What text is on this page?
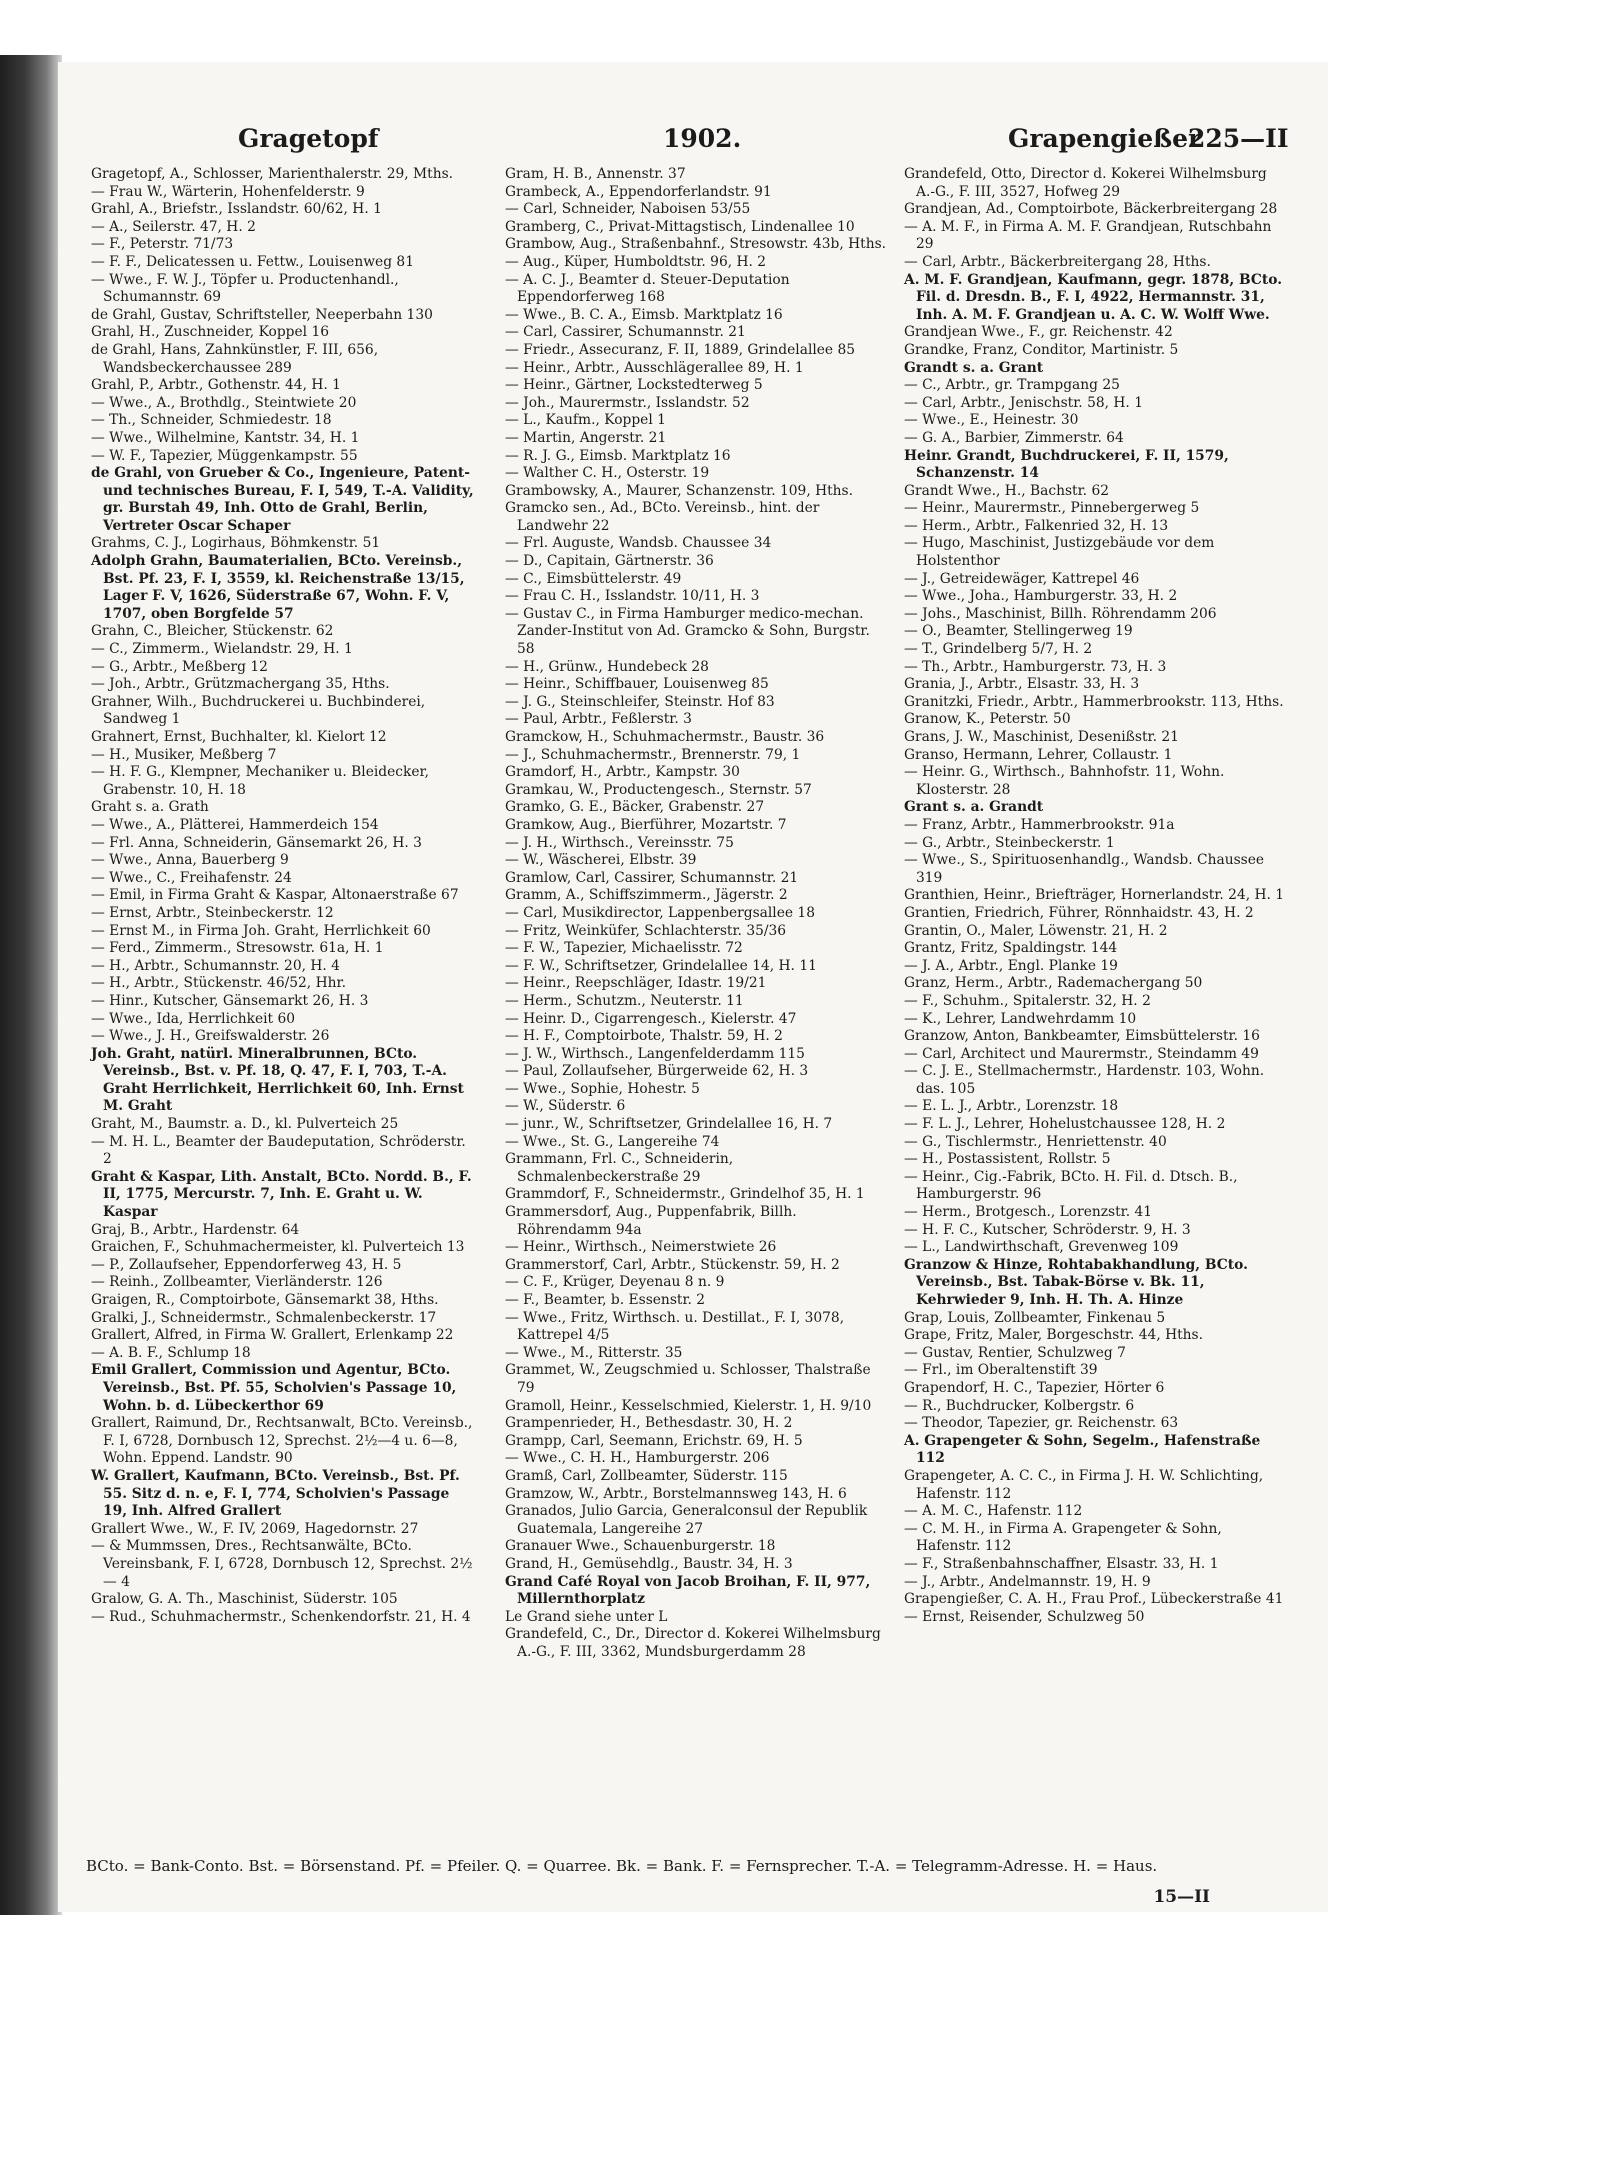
Gragetopf	1902.	Grapengießer
225—II

Gragetopf, A., Schlosser, Marienthalerstr. 29, Mths.

— Frau W., Wärterin, Hohenfelderstr. 9

Grahl, A., Briefstr., Isslandstr. 60/62, H. 1

— A., Seilerstr. 47, H. 2

— F., Peterstr. 71/73

— F. F., Delicatessen u. Fettw., Louisenweg 81

— Wwe., F. W. J., Töpfer u. Productenhandl., Schumannstr. 69

de Grahl, Gustav, Schriftsteller, Neeperbahn 130

Grahl, H., Zuschneider, Koppel 16

de Grahl, Hans, Zahnkünstler, F. III, 656, Wandsbeckerchaussee 289

Grahl, P., Arbtr., Gothenstr. 44, H. 1

— Wwe., A., Brothdlg., Steintwiete 20

— Th., Schneider, Schmiedestr. 18

— Wwe., Wilhelmine, Kantstr. 34, H. 1

— W. F., Tapezier, Müggenkampstr. 55

de Grahl, von Grueber & Co., Ingenieure, Patent- und technisches Bureau, F. I, 549, T.-A. Validity, gr. Burstah 49, Inh. Otto de Grahl, Berlin, Vertreter Oscar Schaper

Grahms, C. J., Logirhaus, Böhmkenstr. 51

Adolph Grahn, Baumaterialien, BCto. Vereinsb., Bst. Pf. 23, F. I, 3559, kl. Reichenstraße 13/15, Lager F. V, 1626, Süderstraße 67, Wohn. F. V, 1707, oben Borgfelde 57

Grahn, C., Bleicher, Stückenstr. 62

— C., Zimmerm., Wielandstr. 29, H. 1

— G., Arbtr., Meßberg 12

— Joh., Arbtr., Grützmachergang 35, Hths.

Grahner, Wilh., Buchdruckerei u. Buchbinderei, Sandweg 1

Grahnert, Ernst, Buchhalter, kl. Kielort 12

— H., Musiker, Meßberg 7

— H. F. G., Klempner, Mechaniker u. Bleidecker, Grabenstr. 10, H. 18

Graht s. a. Grath

— Wwe., A., Plätterei, Hammerdeich 154

— Frl. Anna, Schneiderin, Gänsemarkt 26, H. 3

— Wwe., Anna, Bauerberg 9

— Wwe., C., Freihafenstr. 24

— Emil, in Firma Graht & Kaspar, Altonaerstraße 67

— Ernst, Arbtr., Steinbeckerstr. 12

— Ernst M., in Firma Joh. Graht, Herrlichkeit 60

— Ferd., Zimmerm., Stresowstr. 61a, H. 1

— H., Arbtr., Schumannstr. 20, H. 4

— H., Arbtr., Stückenstr. 46/52, Hhr.

— Hinr., Kutscher, Gänsemarkt 26, H. 3

— Wwe., Ida, Herrlichkeit 60

— Wwe., J. H., Greifswalderstr. 26

Joh. Graht, natürl. Mineralbrunnen, BCto. Vereinsb., Bst. v. Pf. 18, Q. 47, F. I, 703, T.-A. Graht Herrlichkeit, Herrlichkeit 60, Inh. Ernst M. Graht

Graht, M., Baumstr. a. D., kl. Pulverteich 25

— M. H. L., Beamter der Baudeputation, Schröderstr. 2

Graht & Kaspar, Lith. Anstalt, BCto. Nordd. B., F. II, 1775, Mercurstr. 7, Inh. E. Graht u. W. Kaspar

Graj, B., Arbtr., Hardenstr. 64

Graichen, F., Schuhmachermeister, kl. Pulverteich 13

— P., Zollaufseher, Eppendorferweg 43, H. 5

— Reinh., Zollbeamter, Vierländerstr. 126

Graigen, R., Comptoirbote, Gänsemarkt 38, Hths.

Gralki, J., Schneidermstr., Schmalenbeckerstr. 17

Grallert, Alfred, in Firma W. Grallert, Erlenkamp 22

— A. B. F., Schlump 18

Emil Grallert, Commission und Agentur, BCto. Vereinsb., Bst. Pf. 55, Scholvien's Passage 10, Wohn. b. d. Lübeckerthor 69

Grallert, Raimund, Dr., Rechtsanwalt, BCto. Vereinsb., F. I, 6728, Dornbusch 12, Sprechst. 2½—4 u. 6—8, Wohn. Eppend. Landstr. 90

W. Grallert, Kaufmann, BCto. Vereinsb., Bst. Pf. 55. Sitz d. n. e, F. I, 774, Scholvien's Passage 19, Inh. Alfred Grallert

Grallert Wwe., W., F. IV, 2069, Hagedornstr. 27

— & Mummssen, Dres., Rechtsanwälte, BCto. Vereinsbank, F. I, 6728, Dornbusch 12, Sprechst. 2½ — 4

Gralow, G. A. Th., Maschinist, Süderstr. 105

— Rud., Schuhmachermstr., Schenkendorfstr. 21, H. 4

Gram, H. B., Annenstr. 37

Grambeck, A., Eppendorferlandstr. 91

— Carl, Schneider, Naboisen 53/55

Gramberg, C., Privat-Mittagstisch, Lindenallee 10

Grambow, Aug., Straßenbahnf., Stresowstr. 43b, Hths.

— Aug., Küper, Humboldtstr. 96, H. 2

— A. C. J., Beamter d. Steuer-Deputation Eppendorferweg 168

— Wwe., B. C. A., Eimsb. Marktplatz 16

— Carl, Cassirer, Schumannstr. 21

— Friedr., Assecuranz, F. II, 1889, Grindelallee 85

— Heinr., Arbtr., Ausschlägerallee 89, H. 1

— Heinr., Gärtner, Lockstedterweg 5

— Joh., Maurermstr., Isslandstr. 52

— L., Kaufm., Koppel 1

— Martin, Angerstr. 21

— R. J. G., Eimsb. Marktplatz 16

— Walther C. H., Osterstr. 19

Grambowsky, A., Maurer, Schanzenstr. 109, Hths.

Gramcko sen., Ad., BCto. Vereinsb., hint. der Landwehr 22

— Frl. Auguste, Wandsb. Chaussee 34

— D., Capitain, Gärtnerstr. 36

— C., Eimsbüttelerstr. 49

— Frau C. H., Isslandstr. 10/11, H. 3

— Gustav C., in Firma Hamburger medico-mechan. Zander-Institut von Ad. Gramcko & Sohn, Burgstr. 58

— H., Grünw., Hundebeck 28

— Heinr., Schiffbauer, Louisenweg 85

— J. G., Steinschleifer, Steinstr. Hof 83

— Paul, Arbtr., Feßlerstr. 3

Gramckow, H., Schuhmachermstr., Baustr. 36

— J., Schuhmachermstr., Brennerstr. 79, 1

Gramdorf, H., Arbtr., Kampstr. 30

Gramkau, W., Productengesch., Sternstr. 57

Gramko, G. E., Bäcker, Grabenstr. 27

Gramkow, Aug., Bierführer, Mozartstr. 7

— J. H., Wirthsch., Vereinsstr. 75

— W., Wäscherei, Elbstr. 39

Gramlow, Carl, Cassirer, Schumannstr. 21

Gramm, A., Schiffszimmerm., Jägerstr. 2

— Carl, Musikdirector, Lappenbergsallee 18

— Fritz, Weinküfer, Schlachterstr. 35/36

— F. W., Tapezier, Michaelisstr. 72

— F. W., Schriftsetzer, Grindelallee 14, H. 11

— Heinr., Reepschläger, Idastr. 19/21

— Herm., Schutzm., Neuterstr. 11

— Heinr. D., Cigarrengesch., Kielerstr. 47

— H. F., Comptoirbote, Thalstr. 59, H. 2

— J. W., Wirthsch., Langenfelderdamm 115

— Paul, Zollaufseher, Bürgerweide 62, H. 3

— Wwe., Sophie, Hohestr. 5

— W., Süderstr. 6

— junr., W., Schriftsetzer, Grindelallee 16, H. 7

— Wwe., St. G., Langereihe 74

Grammann, Frl. C., Schneiderin, Schmalenbeckerstraße 29

Grammdorf, F., Schneidermstr., Grindelhof 35, H. 1

Grammersdorf, Aug., Puppenfabrik, Billh. Röhrendamm 94a

— Heinr., Wirthsch., Neimerstwiete 26

Grammerstorf, Carl, Arbtr., Stückenstr. 59, H. 2

— C. F., Krüger, Deyenau 8 n. 9

— F., Beamter, b. Essenstr. 2

— Wwe., Fritz, Wirthsch. u. Destillat., F. I, 3078, Kattrepel 4/5

— Wwe., M., Ritterstr. 35

Grammet, W., Zeugschmied u. Schlosser, Thalstraße 79

Gramoll, Heinr., Kesselschmied, Kielerstr. 1, H. 9/10

Grampenrieder, H., Bethesdastr. 30, H. 2

Grampp, Carl, Seemann, Erichstr. 69, H. 5

— Wwe., C. H. H., Hamburgerstr. 206

Gramß, Carl, Zollbeamter, Süderstr. 115

Gramzow, W., Arbtr., Borstelmannsweg 143, H. 6

Granados, Julio Garcia, Generalconsul der Republik Guatemala, Langereihe 27

Granauer Wwe., Schauenburgerstr. 18

Grand, H., Gemüsehdlg., Baustr. 34, H. 3

Grand Café Royal von Jacob Broihan, F. II, 977, Millernthorplatz

Le Grand siehe unter L

Grandefeld, C., Dr., Director d. Kokerei Wilhelmsburg A.-G., F. III, 3362, Mundsburgerdamm 28

Grandefeld, Otto, Director d. Kokerei Wilhelmsburg A.-G., F. III, 3527, Hofweg 29

Grandjean, Ad., Comptoirbote, Bäckerbreitergang 28

— A. M. F., in Firma A. M. F. Grandjean, Rutschbahn 29

— Carl, Arbtr., Bäckerbreitergang 28, Hths.

A. M. F. Grandjean, Kaufmann, gegr. 1878, BCto. Fil. d. Dresdn. B., F. I, 4922, Hermannstr. 31, Inh. A. M. F. Grandjean u. A. C. W. Wolff Wwe.

Grandjean Wwe., F., gr. Reichenstr. 42

Grandke, Franz, Conditor, Martinistr. 5

Grandt s. a. Grant

— C., Arbtr., gr. Trampgang 25

— Carl, Arbtr., Jenischstr. 58, H. 1

— Wwe., E., Heinestr. 30

— G. A., Barbier, Zimmerstr. 64

Heinr. Grandt, Buchdruckerei, F. II, 1579, Schanzenstr. 14

Grandt Wwe., H., Bachstr. 62

— Heinr., Maurermstr., Pinnebergerweg 5

— Herm., Arbtr., Falkenried 32, H. 13

— Hugo, Maschinist, Justizgebäude vor dem Holstenthor

— J., Getreidewäger, Kattrepel 46

— Wwe., Joha., Hamburgerstr. 33, H. 2

— Johs., Maschinist, Billh. Röhrendamm 206

— O., Beamter, Stellingerweg 19

— T., Grindelberg 5/7, H. 2

— Th., Arbtr., Hamburgerstr. 73, H. 3

Grania, J., Arbtr., Elsastr. 33, H. 3

Granitzki, Friedr., Arbtr., Hammerbrookstr. 113, Hths.

Granow, K., Peterstr. 50

Grans, J. W., Maschinist, Desenißstr. 21

Granso, Hermann, Lehrer, Collaustr. 1

— Heinr. G., Wirthsch., Bahnhofstr. 11, Wohn. Klosterstr. 28

Grant s. a. Grandt

— Franz, Arbtr., Hammerbrookstr. 91a

— G., Arbtr., Steinbeckerstr. 1

— Wwe., S., Spirituosenhandlg., Wandsb. Chaussee 319

Granthien, Heinr., Briefträger, Hornerlandstr. 24, H. 1

Grantien, Friedrich, Führer, Rönnhaidstr. 43, H. 2

Grantin, O., Maler, Löwenstr. 21, H. 2

Grantz, Fritz, Spaldingstr. 144

— J. A., Arbtr., Engl. Planke 19

Granz, Herm., Arbtr., Rademachergang 50

— F., Schuhm., Spitalerstr. 32, H. 2

— K., Lehrer, Landwehrdamm 10

Granzow, Anton, Bankbeamter, Eimsbüttelerstr. 16

— Carl, Architect und Maurermstr., Steindamm 49

— C. J. E., Stellmachermstr., Hardenstr. 103, Wohn. das. 105

— E. L. J., Arbtr., Lorenzstr. 18

— F. L. J., Lehrer, Hohelustchaussee 128, H. 2

— G., Tischlermstr., Henriettenstr. 40

— H., Postassistent, Rollstr. 5

— Heinr., Cig.-Fabrik, BCto. H. Fil. d. Dtsch. B., Hamburgerstr. 96

— Herm., Brotgesch., Lorenzstr. 41

— H. F. C., Kutscher, Schröderstr. 9, H. 3

— L., Landwirthschaft, Grevenweg 109

Granzow & Hinze, Rohtabakhandlung, BCto. Vereinsb., Bst. Tabak-Börse v. Bk. 11, Kehrwieder 9, Inh. H. Th. A. Hinze

Grap, Louis, Zollbeamter, Finkenau 5

Grape, Fritz, Maler, Borgeschstr. 44, Hths.

— Gustav, Rentier, Schulzweg 7

— Frl., im Oberaltenstift 39

Grapendorf, H. C., Tapezier, Hörter 6

— R., Buchdrucker, Kolbergstr. 6

— Theodor, Tapezier, gr. Reichenstr. 63

A. Grapengeter & Sohn, Segelm., Hafenstraße 112

Grapengeter, A. C. C., in Firma J. H. W. Schlichting, Hafenstr. 112

— A. M. C., Hafenstr. 112

— C. M. H., in Firma A. Grapengeter & Sohn, Hafenstr. 112

— F., Straßenbahnschaffner, Elsastr. 33, H. 1

— J., Arbtr., Andelmannstr. 19, H. 9

Grapengießer, C. A. H., Frau Prof., Lübeckerstraße 41

— Ernst, Reisender, Schulzweg 50

BCto. = Bank-Conto. Bst. = Börsenstand. Pf. = Pfeiler. Q. = Quarree. Bk. = Bank. F. = Fernsprecher. T.-A. = Telegramm-Adresse. H. = Haus.
15—II
